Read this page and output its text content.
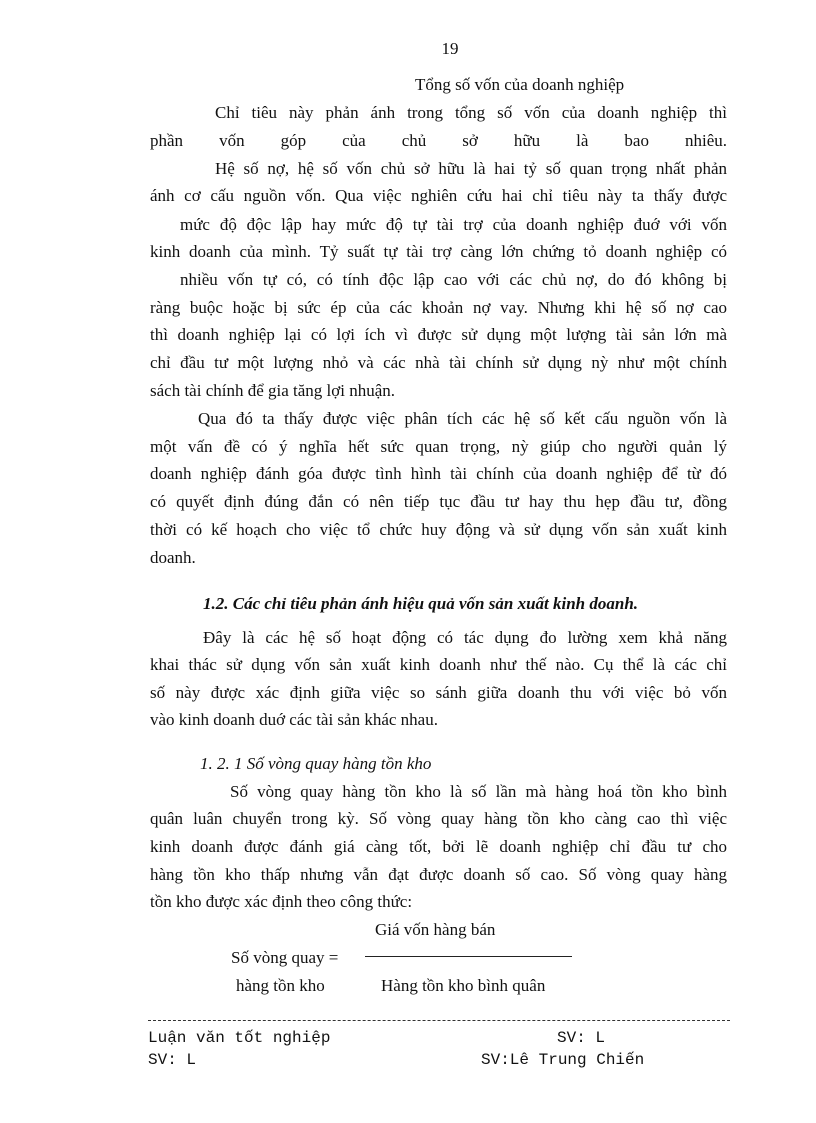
19
Tổng số vốn của doanh nghiệp
Chỉ tiêu này phản ánh trong tổng số vốn của doanh nghiệp thì
phần vốn góp của chủ sở hữu là bao nhiêu.
Hệ số nợ, hệ số vốn chủ sở hữu là hai tỷ số quan trọng nhất phản
ánh cơ cấu nguồn vốn. Qua việc nghiên cứu hai chỉ tiêu này ta thấy được
mức độ độc lập hay mức độ tự tài trợ của doanh nghiệp đuớ với vốn
kinh doanh của mình. Tỷ suất tự tài trợ càng lớn chứng tỏ doanh nghiệp có
nhiều vốn tự có, có tính độc lập cao với các chủ nợ, do đó không bị
ràng buộc hoặc bị sức ép của các khoản nợ vay. Nhưng khi hệ số nợ cao
thì doanh nghiệp lại có lợi ích vì được sử dụng một lượng tài sản lớn mà
chỉ đầu tư một lượng nhỏ và các nhà tài chính sử dụng nỳ như một chính
sách tài chính để gia tăng lợi nhuận.
Qua đó ta thấy được việc phân tích các hệ số kết cấu nguồn vốn là
một vấn đề có ý nghĩa hết sức quan trọng, nỳ giúp cho người quản lý
doanh nghiệp đánh góa được tình hình tài chính của doanh nghiệp để từ đó
có quyết định đúng đắn có nên tiếp tục đầu tư hay thu hẹp đầu tư, đồng
thời có kế hoạch cho việc tổ chức huy động và sử dụng vốn sản xuất kinh
doanh.
1.2. Các chỉ tiêu phản ánh hiệu quả vốn sản xuất kinh doanh.
Đây là các hệ số hoạt động có tác dụng đo lường xem khả năng
khai thác sử dụng vốn sản xuất kinh doanh như thế nào. Cụ thể là các chỉ
số này được xác định giữa việc so sánh giữa doanh thu với việc bỏ vốn
vào kinh doanh duớ các tài sản khác nhau.
1. 2. 1 Số vòng quay hàng tồn kho
Số vòng quay hàng tồn kho là số lần mà hàng hoá tồn kho bình
quân luân chuyển trong kỳ. Số vòng quay hàng tồn kho càng cao thì việc
kinh doanh được đánh giá càng tốt, bởi lẽ doanh nghiệp chỉ đầu tư cho
hàng tồn kho thấp nhưng vẫn đạt được doanh số cao. Số vòng quay hàng
tồn kho được xác định theo công thức:
Giá vốn hàng bán
Số vòng quay =
hàng tồn kho	Hàng tồn kho bình quân
Luận văn tốt nghiệp	SV: L
SV: L	SV:Lê Trung Chiến
